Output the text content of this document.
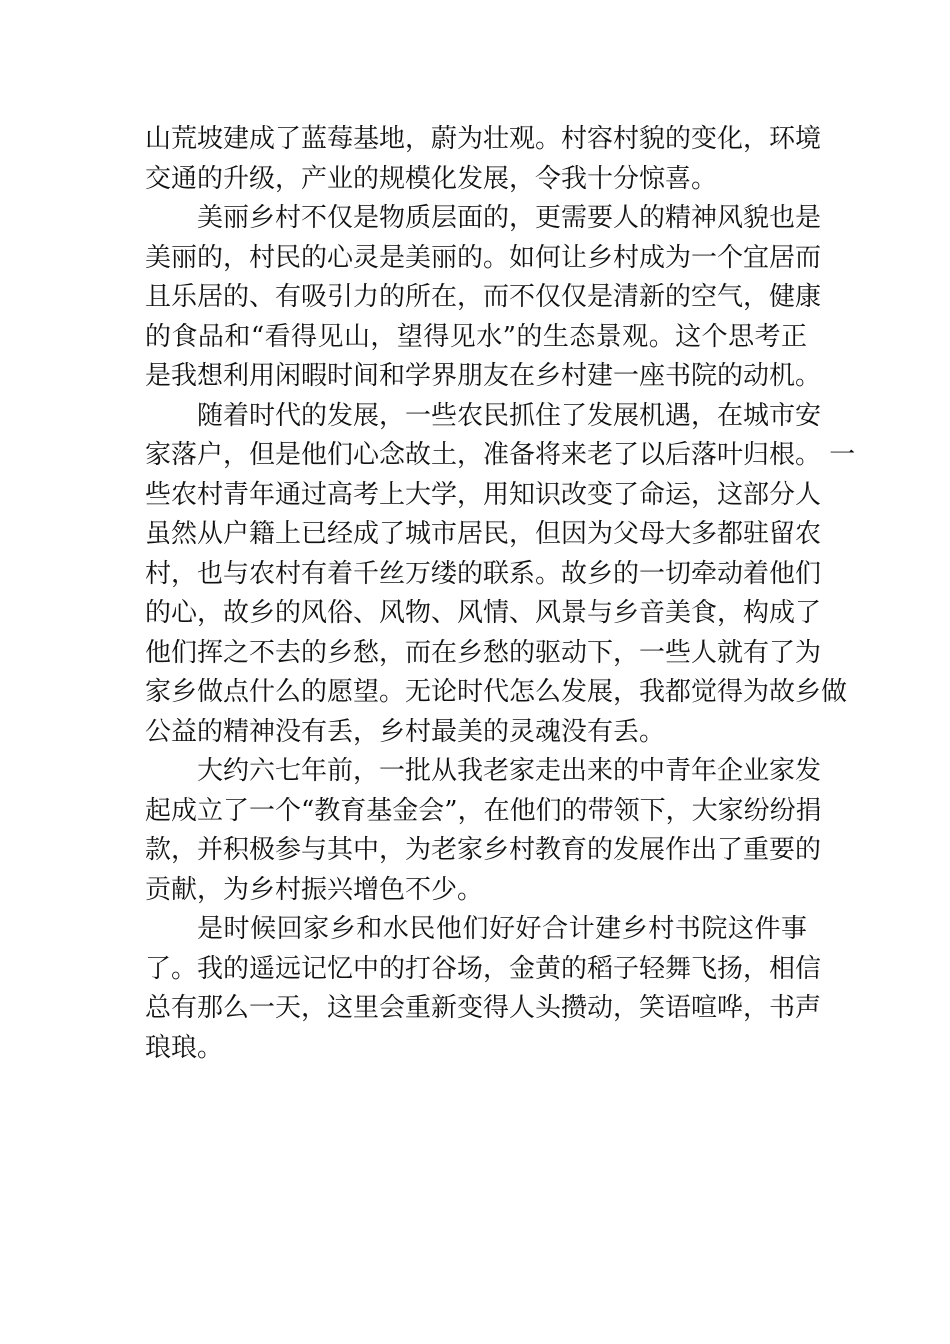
山荒坡建成了蓝莓基地，蔚为壮观。村容村貌的变化，环境
交通的升级，产业的规模化发展，令我十分惊喜。
美丽乡村不仅是物质层面的，更需要人的精神风貌也是
美丽的，村民的心灵是美丽的。如何让乡村成为一个宜居而
且乐居的、有吸引力的所在，而不仅仅是清新的空气，健康
的食品和“看得见山，望得见水”的生态景观。这个思考正
是我想利用闲暇时间和学界朋友在乡村建一座书院的动机。
随着时代的发展，一些农民抓住了发展机遇，在城市安
家落户，但是他们心念故土，准备将来老了以后落叶归根。 一
些农村青年通过高考上大学，用知识改变了命运，这部分人
虽然从户籍上已经成了城市居民，但因为父母大多都驻留农
村，也与农村有着千丝万缕的联系。故乡的一切牵动着他们
的心，故乡的风俗、风物、风情、风景与乡音美食，构成了
他们挥之不去的乡愁，而在乡愁的驱动下，一些人就有了为
家乡做点什么的愿望。无论时代怎么发展，我都觉得为故乡做
公益的精神没有丢，乡村最美的灵魂没有丢。
大约六七年前，一批从我老家走出来的中青年企业家发
起成立了一个“教育基金会”，在他们的带领下，大家纷纷捐
款，并积极参与其中，为老家乡村教育的发展作出了重要的
贡献，为乡村振兴增色不少。
是时候回家乡和水民他们好好合计建乡村书院这件事
了。我的遥远记忆中的打谷场，金黄的稻子轻舞飞扬，相信
总有那么一天，这里会重新变得人头攒动，笑语喧哗，书声
琅琅。
